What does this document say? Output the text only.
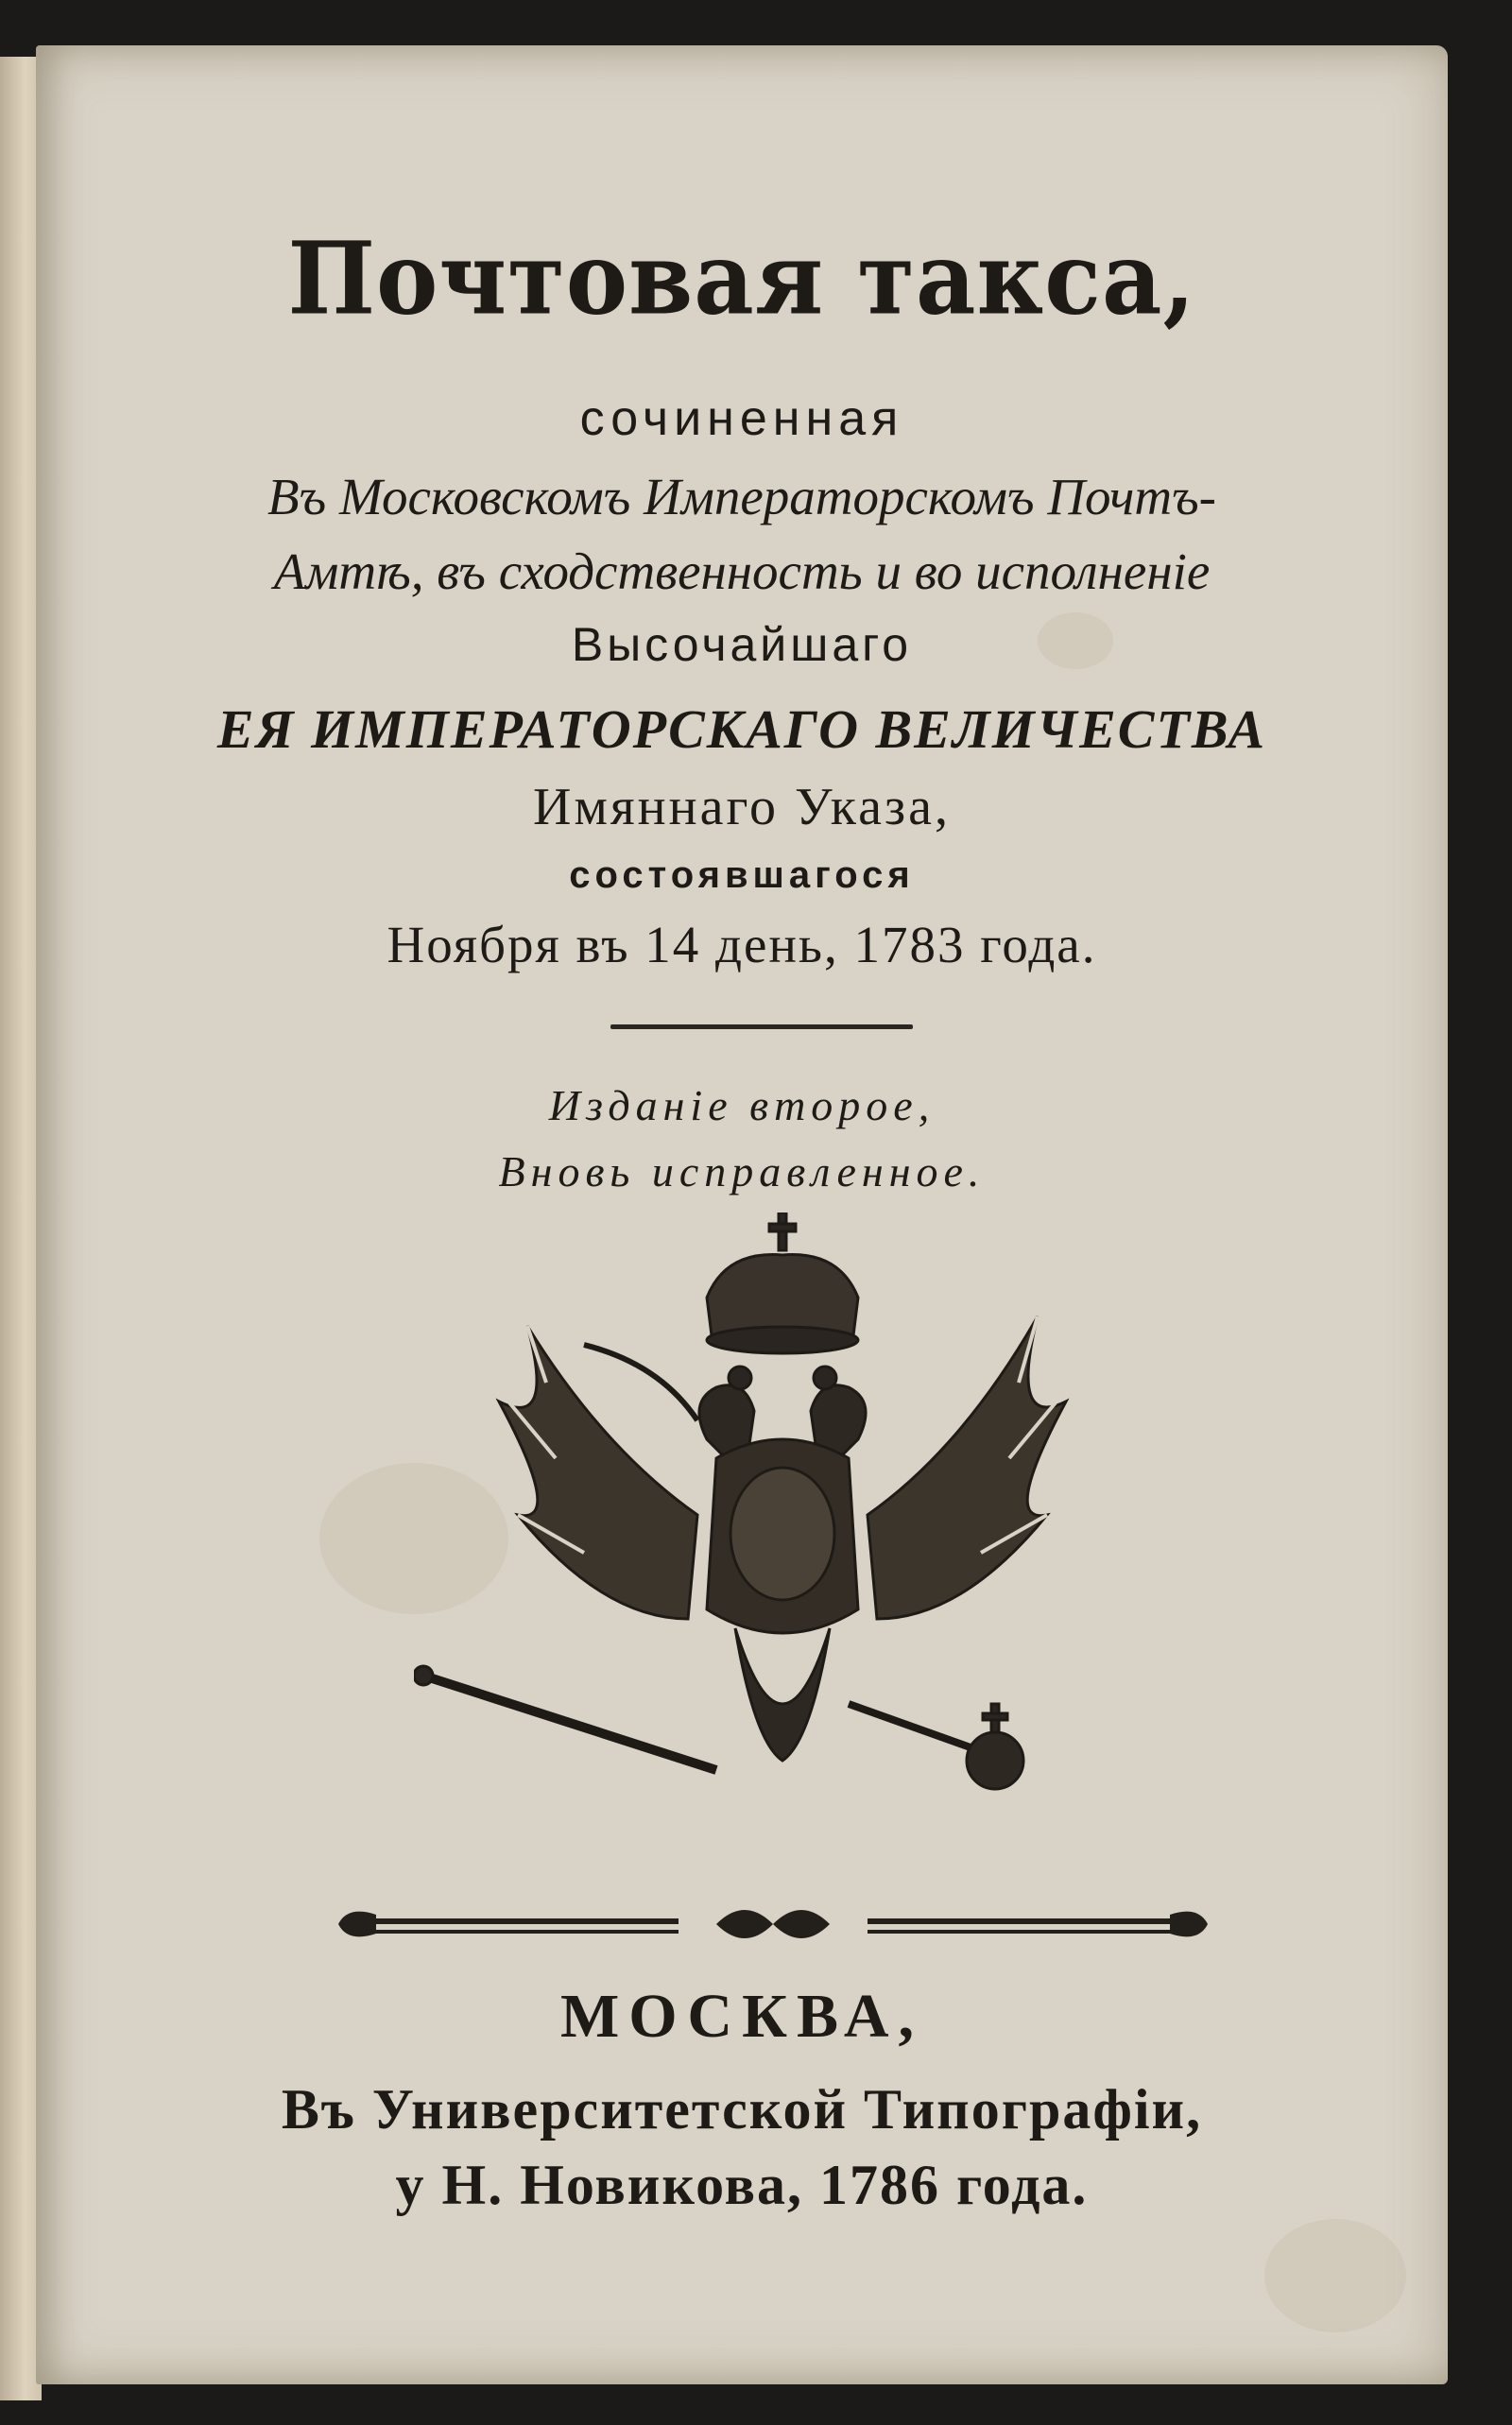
Почтовая такса,
сочиненная
Въ Московскомъ Императорскомъ Почтъ-
Амтѣ, въ сходственность и во исполненіе
Высочайшаго
ЕЯ ИМПЕРАТОРСКАГО ВЕЛИЧЕСТВА
Имяннаго Указа,
состоявшагося
Ноября въ 14 день, 1783 года.
Изданіе второе,
Вновь исправленное.
МОСКВА,
Въ Университетской Типографіи,
у Н. Новикова, 1786 года.
